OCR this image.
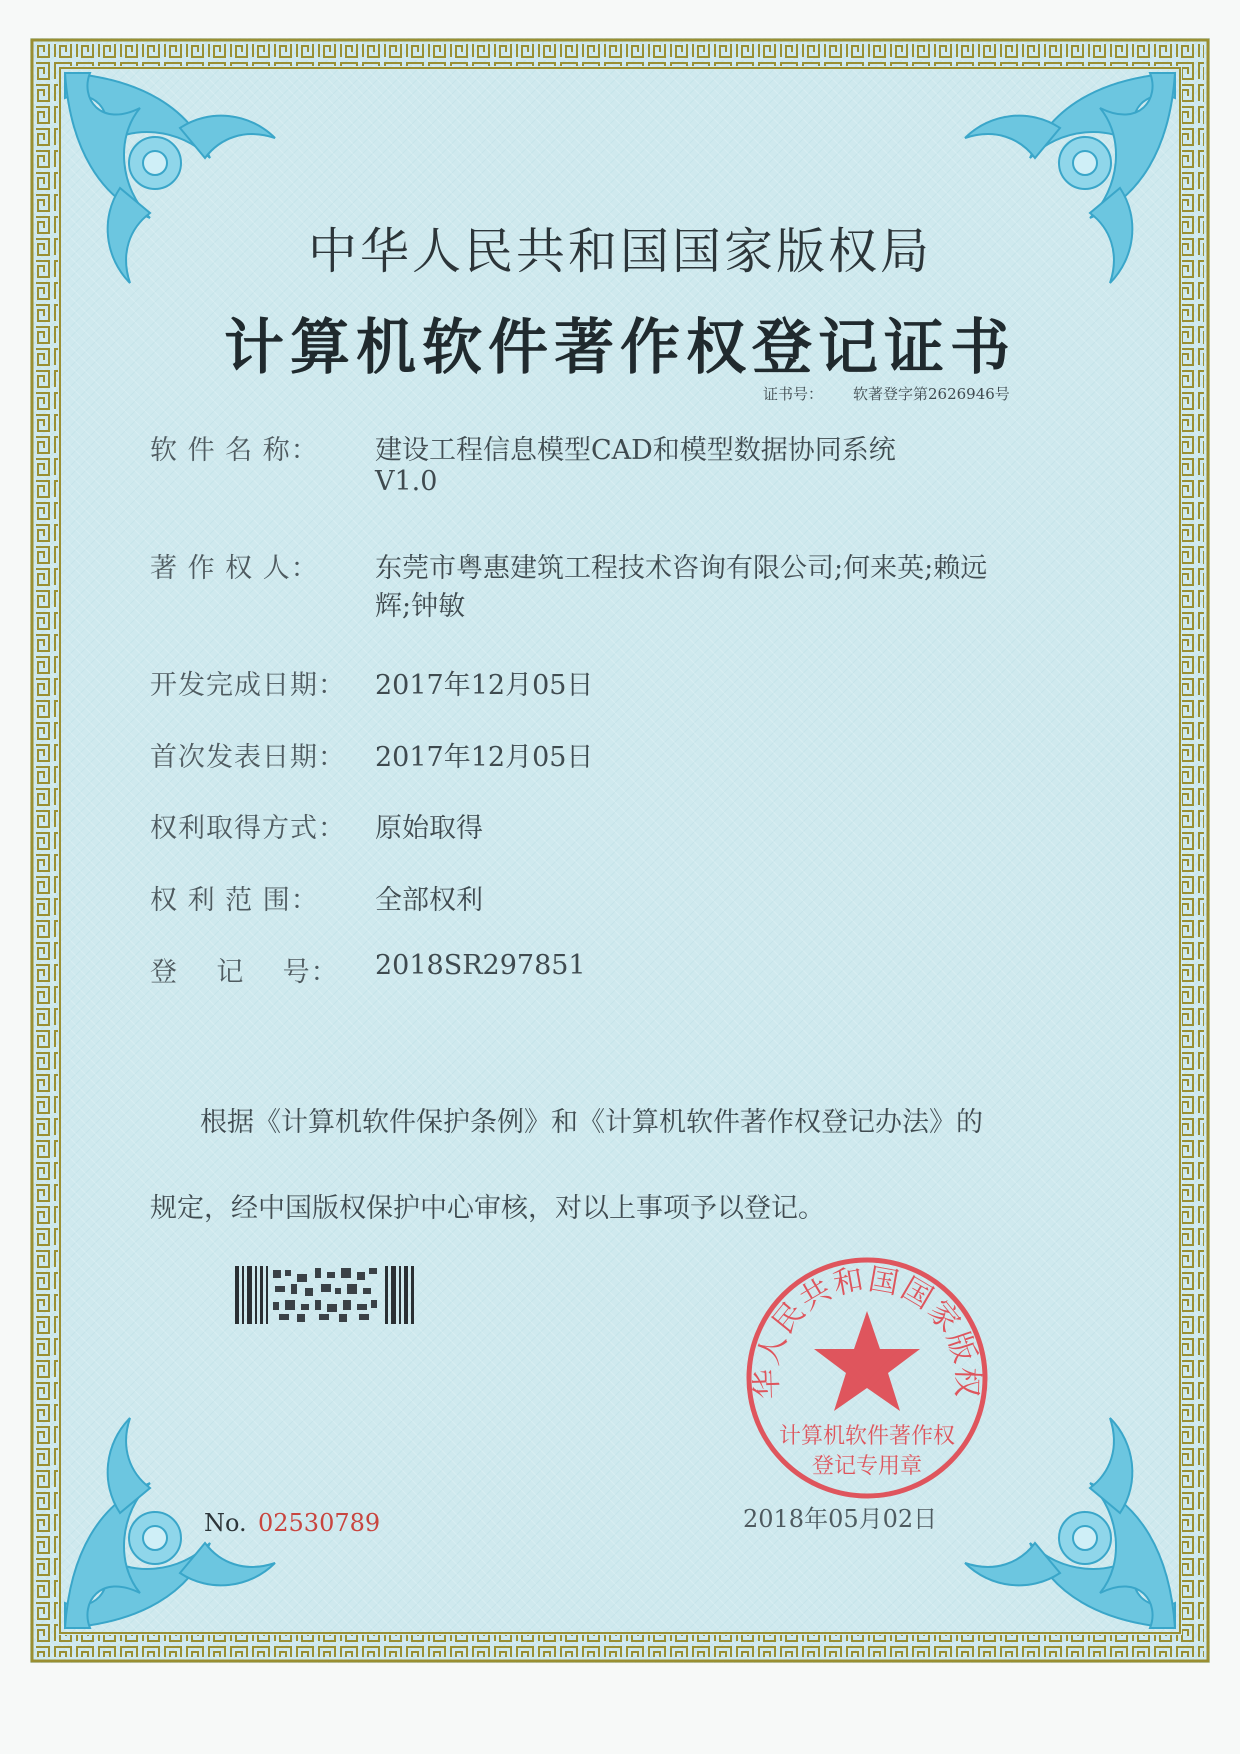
中华人民共和国国家版权局
计算机软件著作权登记证书
证书号： 软著登字第2626946号
软 件 名 称： 建设工程信息模型CAD和模型数据协同系统
V1.0
著 作 权 人： 东莞市粤惠建筑工程技术咨询有限公司;何来英;赖远
辉;钟敏
开发完成日期： 2017年12月05日
首次发表日期： 2017年12月05日
权利取得方式： 原始取得
权 利 范 围： 全部权利
登    记    号： 2018SR297851
根据《计算机软件保护条例》和《计算机软件著作权登记办法》的
规定，经中国版权保护中心审核，对以上事项予以登记。
2018年05月02日
华人民共和国国家版权
计算机软件著作权
登记专用章
No. 02530789
